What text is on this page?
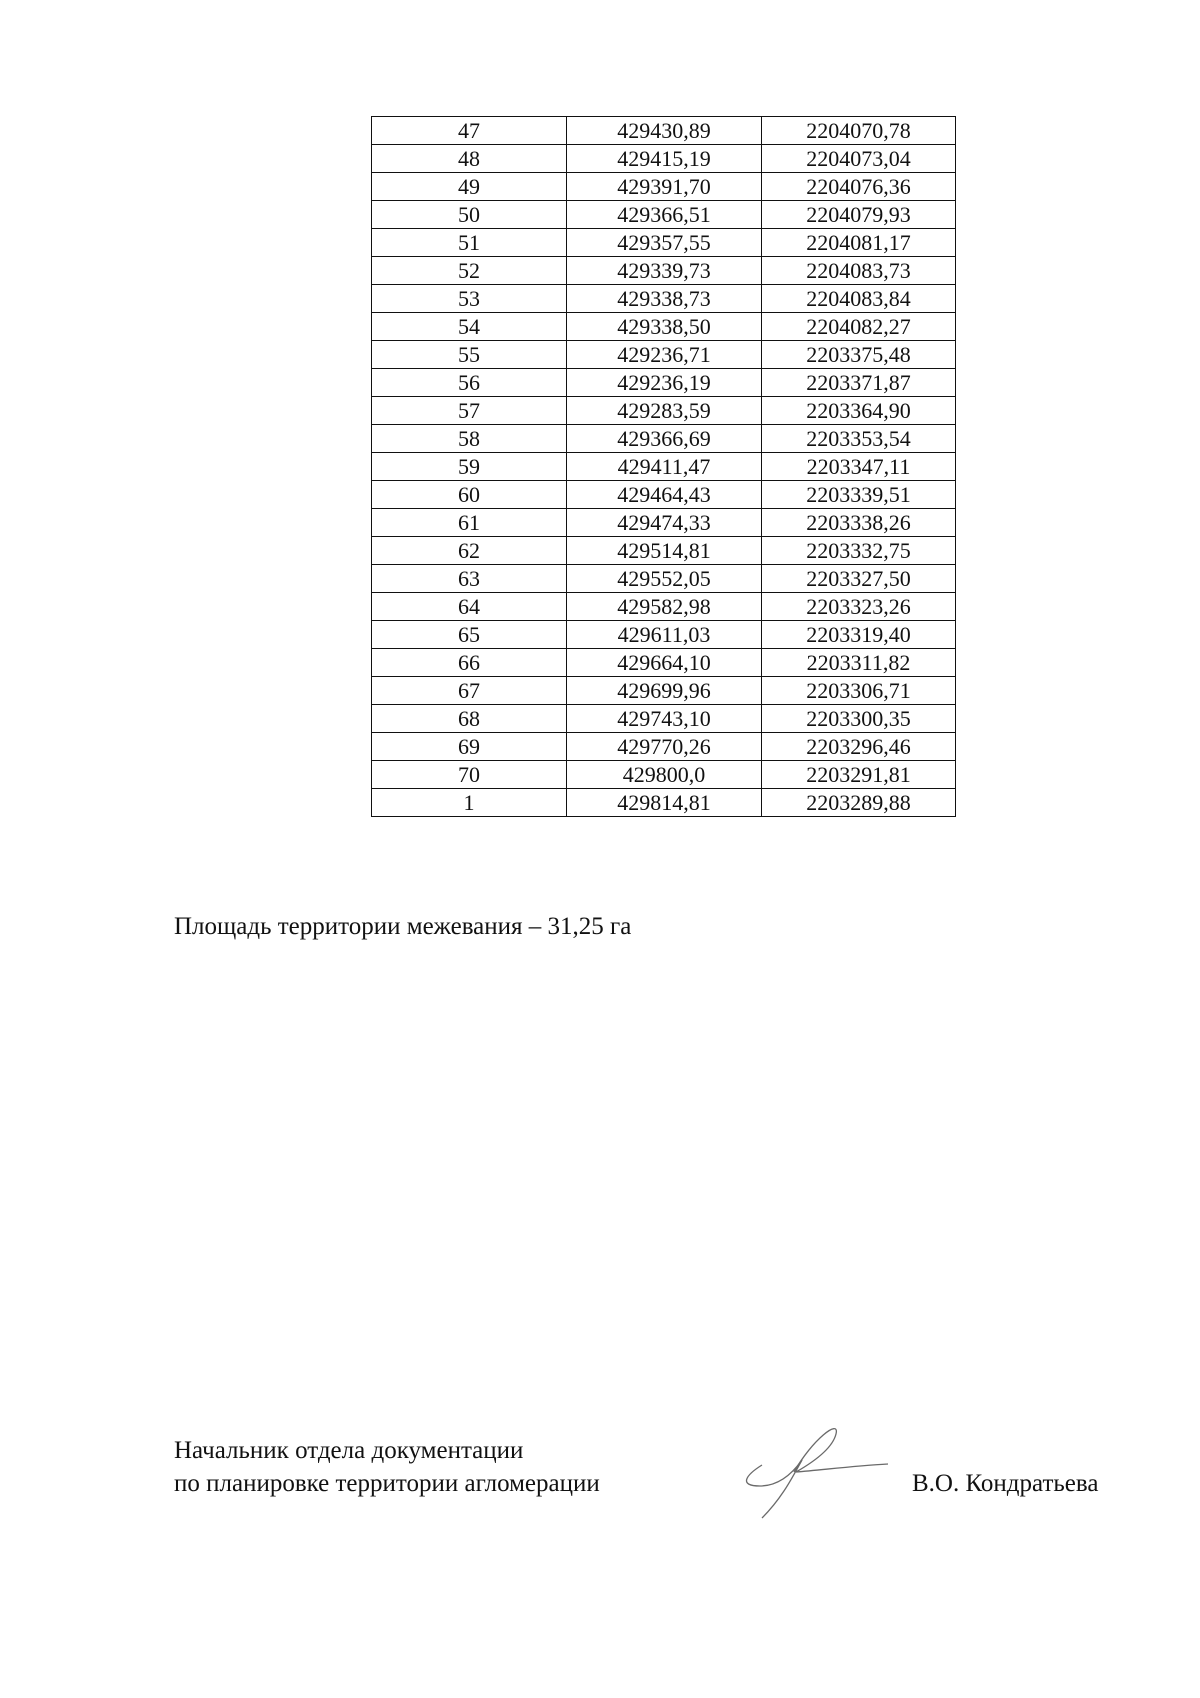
47	429430,89	2204070,78
48	429415,19	2204073,04
49	429391,70	2204076,36
50	429366,51	2204079,93
51	429357,55	2204081,17
52	429339,73	2204083,73
53	429338,73	2204083,84
54	429338,50	2204082,27
55	429236,71	2203375,48
56	429236,19	2203371,87
57	429283,59	2203364,90
58	429366,69	2203353,54
59	429411,47	2203347,11
60	429464,43	2203339,51
61	429474,33	2203338,26
62	429514,81	2203332,75
63	429552,05	2203327,50
64	429582,98	2203323,26
65	429611,03	2203319,40
66	429664,10	2203311,82
67	429699,96	2203306,71
68	429743,10	2203300,35
69	429770,26	2203296,46
70	429800,0	2203291,81
1	429814,81	2203289,88
Площадь территории межевания – 31,25 га
Начальник отдела документации
по планировке территории агломерации	В.О. Кондратьева
